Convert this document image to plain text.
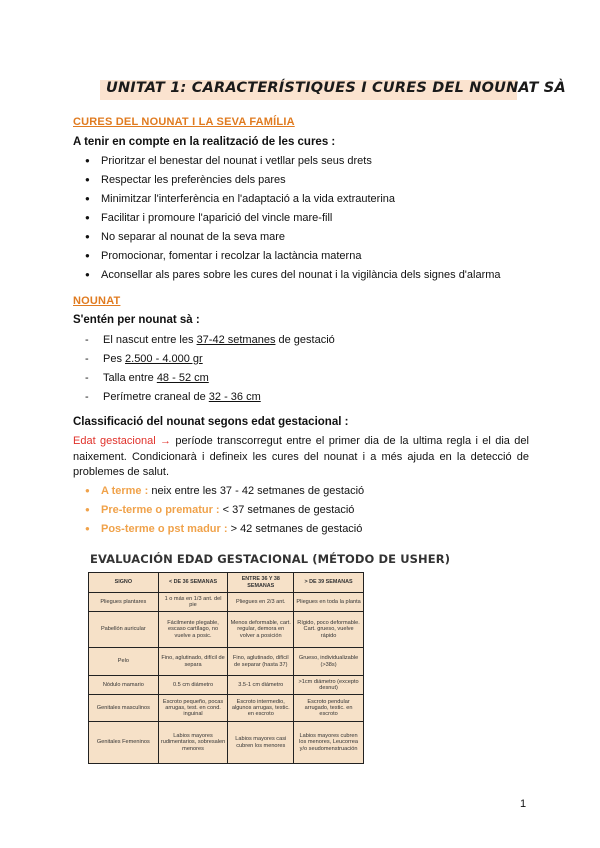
UNITAT 1: CARACTERÍSTIQUES I CURES DEL NOUNAT SÀ
CURES DEL NOUNAT I LA SEVA FAMÍLIA
A tenir en compte en la realització de les cures :
● Prioritzar el benestar del nounat i vetllar pels seus drets
● Respectar les preferències dels pares
● Minimitzar l'interferència en l'adaptació a la vida extrauterina
● Facilitar i promoure l'aparició del vincle mare-fill
● No separar al nounat de la seva mare
● Promocionar, fomentar i recolzar la lactància materna
● Aconsellar als pares sobre les cures del nounat i la vigilància dels signes d'alarma
NOUNAT
S'entén per nounat sà :
- El nascut entre les 37-42 setmanes de gestació
- Pes 2.500 - 4.000 gr
- Talla entre 48 - 52 cm
- Perímetre craneal de 32 - 36 cm
Classificació del nounat segons edat gestacional :
Edat gestacional → període transcorregut entre el primer dia de la ultima regla i el dia del naixement. Condicionarà i defineix les cures del nounat i a més ajuda en la detecció de problemes de salut.
● A terme : neix entre les 37 - 42 setmanes de gestació
● Pre-terme o prematur : < 37 setmanes de gestació
● Pos-terme o pst madur : > 42 setmanes de gestació
EVALUACIÓN EDAD GESTACIONAL (MÉTODO DE USHER)
SIGNO	< DE 36 SEMANAS	ENTRE 36 Y 38 SEMANAS	> DE 39 SEMANAS
Pliegues plantares	1 o más en 1/3 ant. del pie	Pliegues en 2/3 ant.	Pliegues en toda la planta
Pabellón auricular	Fácilmente plegable, escaso cartílago, no vuelve a posic.	Menos deformable, cart. regular, demora en volver a posición	Rígido, poco deformable. Cart. grueso, vuelve rápido
Pelo	Fino, aglutinado, difícil de separa	Fino, aglutinado, difícil de separar (hasta 37)	Grueso, individualizable (>38s)
Nódulo mamario	0.5 cm diámetro	3.5-1 cm diámetro	>1cm diámetro (excepto desnut)
Genitales masculinos	Escroto pequeño, pocas arrugas, test. en cond. inguinal	Escroto intermedio, algunos arrugas, testic. en escroto	Escroto pendular arrugado, testic. en escroto
Genitales Femeninos	Labios mayores rudimentarios, sobresalen menores	Labios mayores casi cubren los menores	Labios mayores cubren los menores, Leucorrea y/o seudomenstruación
1
